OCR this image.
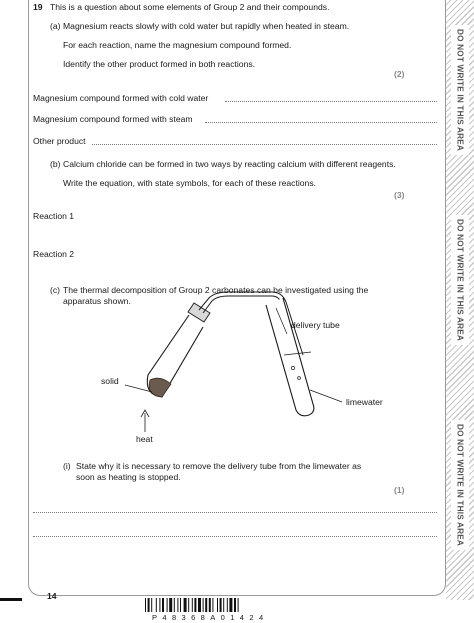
19 This is a question about some elements of Group 2 and their compounds.
(a) Magnesium reacts slowly with cold water but rapidly when heated in steam.
For each reaction, name the magnesium compound formed.
Identify the other product formed in both reactions.
(2)
Magnesium compound formed with cold water
Magnesium compound formed with steam
Other product
(b) Calcium chloride can be formed in two ways by reacting calcium with different reagents.
Write the equation, with state symbols, for each of these reactions.
(3)
Reaction 1
Reaction 2
(c) The thermal decomposition of Group 2 carbonates can be investigated using the
apparatus shown.
delivery tube
solid
limewater
heat
(i) State why it is necessary to remove the delivery tube from the limewater as
soon as heating is stopped.
(1)
DO NOT WRITE IN THIS AREA
DO NOT WRITE IN THIS AREA
DO NOT WRITE IN THIS AREA
14
P48368A01424
